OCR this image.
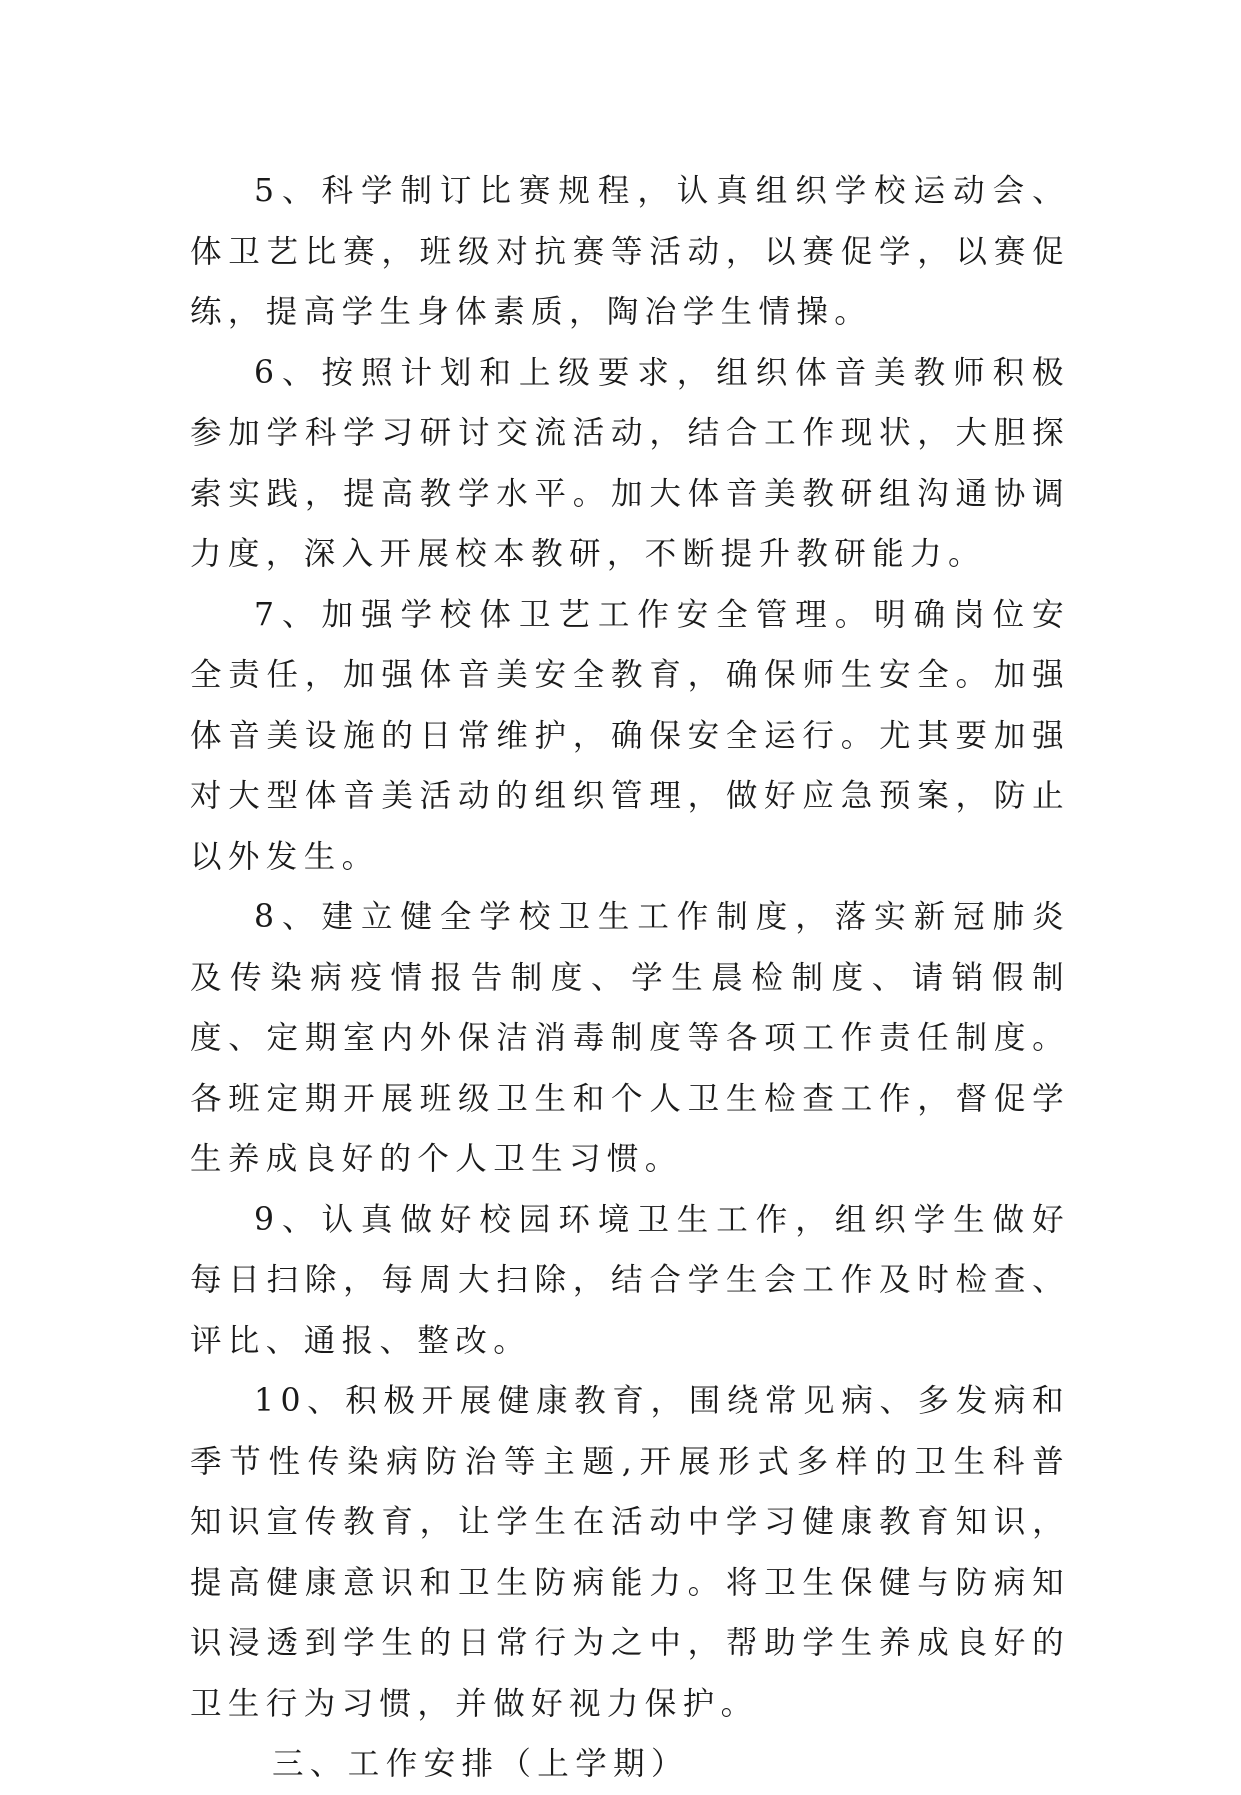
5、科学制订比赛规程，认真组织学校运动会、体卫艺比赛，班级对抗赛等活动，以赛促学，以赛促练，提高学生身体素质，陶冶学生情操。

6、按照计划和上级要求，组织体音美教师积极参加学科学习研讨交流活动，结合工作现状，大胆探索实践，提高教学水平。加大体音美教研组沟通协调力度，深入开展校本教研，不断提升教研能力。

7、加强学校体卫艺工作安全管理。明确岗位安全责任，加强体音美安全教育，确保师生安全。加强体音美设施的日常维护，确保安全运行。尤其要加强对大型体音美活动的组织管理，做好应急预案，防止以外发生。

8、建立健全学校卫生工作制度，落实新冠肺炎及传染病疫情报告制度、学生晨检制度、请销假制度、定期室内外保洁消毒制度等各项工作责任制度。各班定期开展班级卫生和个人卫生检查工作，督促学生养成良好的个人卫生习惯。

9、认真做好校园环境卫生工作，组织学生做好每日扫除，每周大扫除，结合学生会工作及时检查、评比、通报、整改。

10、积极开展健康教育，围绕常见病、多发病和季节性传染病防治等主题,开展形式多样的卫生科普知识宣传教育，让学生在活动中学习健康教育知识，提高健康意识和卫生防病能力。将卫生保健与防病知识浸透到学生的日常行为之中，帮助学生养成良好的卫生行为习惯，并做好视力保护。

三、工作安排（上学期）
